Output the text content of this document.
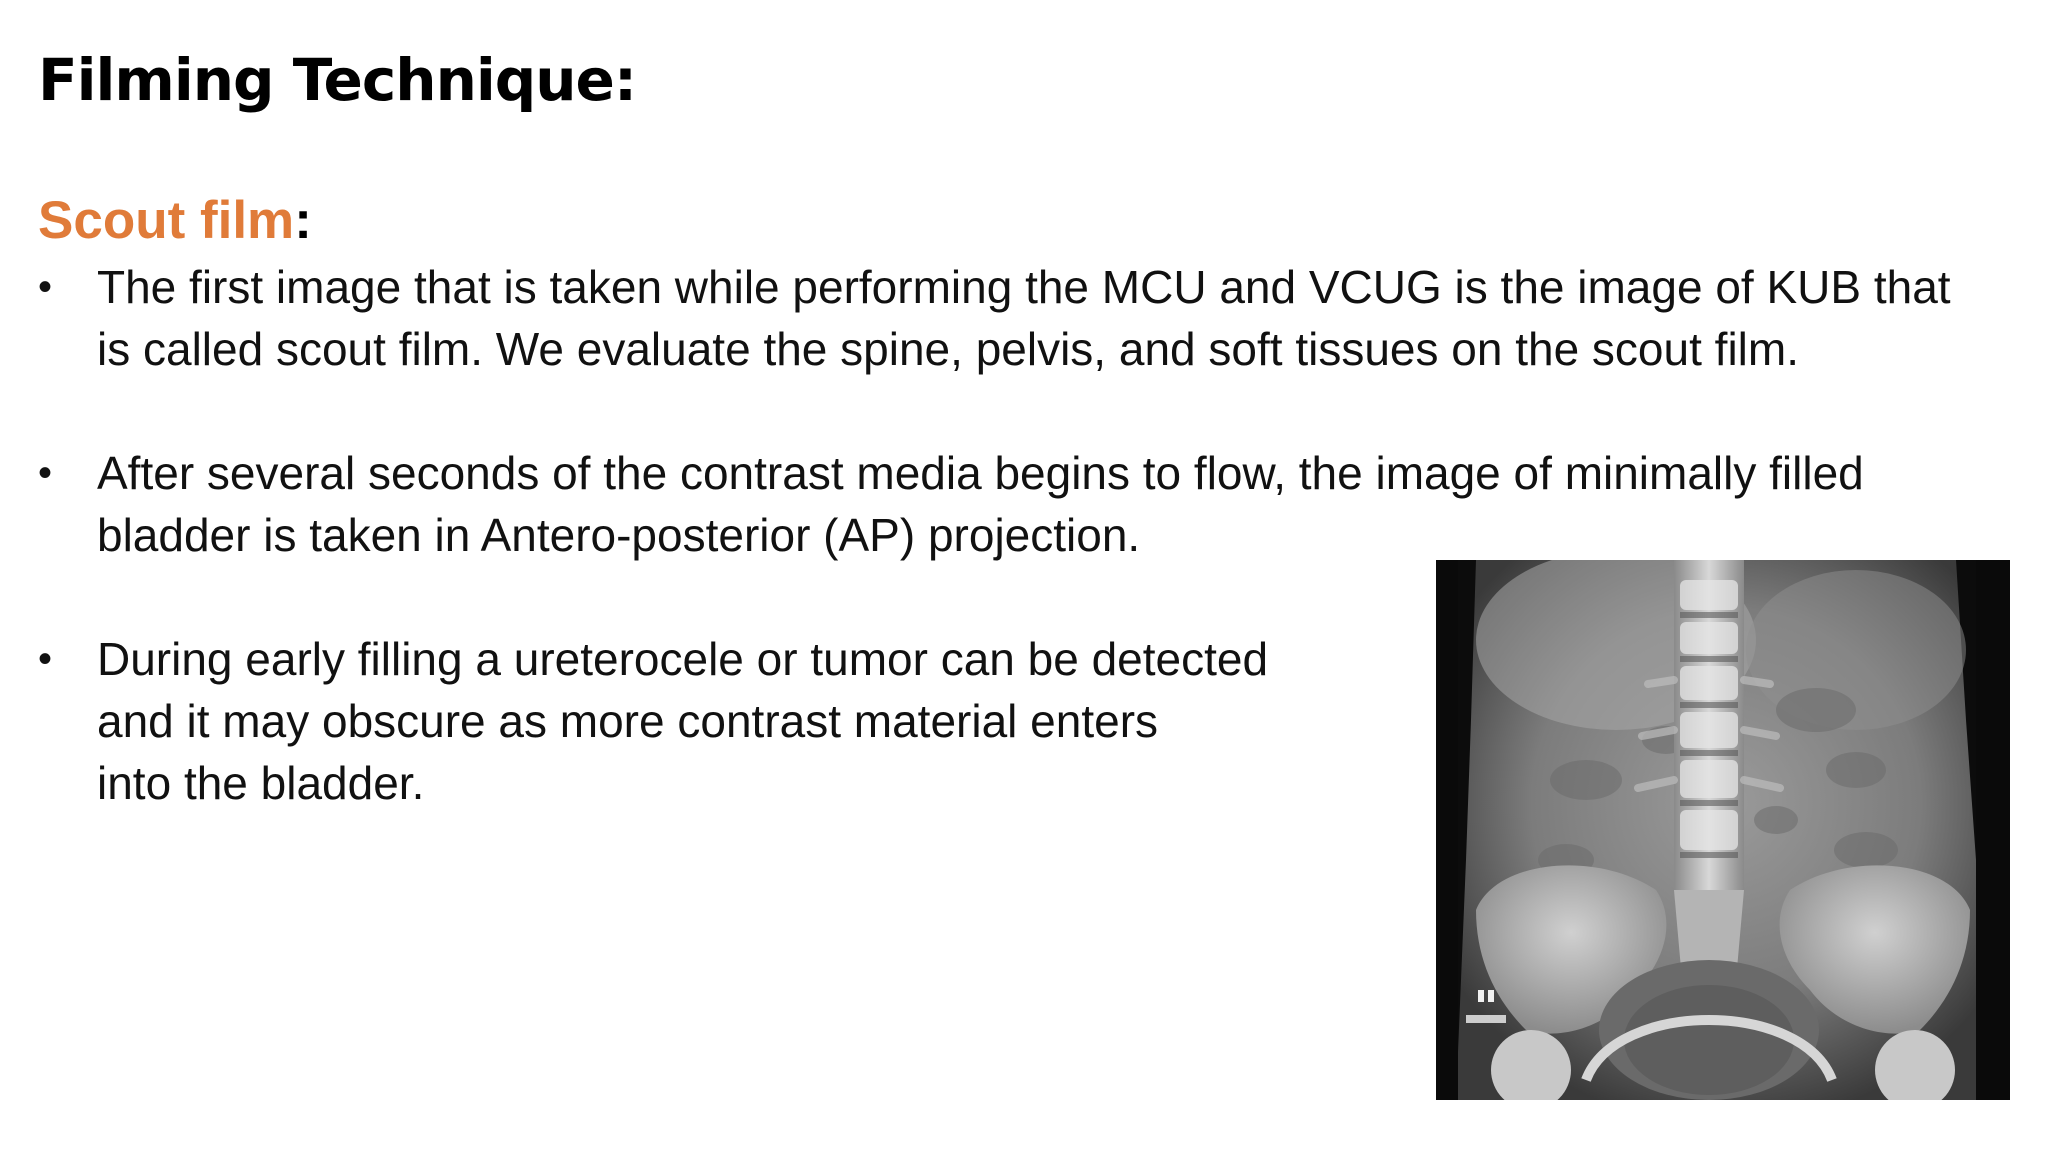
Filming Technique:
Scout film:
• The first image that is taken while performing the MCU and VCUG is the image of KUB that
is called scout film. We evaluate the spine, pelvis, and soft tissues on the scout film.
• After several seconds of the contrast media begins to flow, the image of minimally filled
bladder is taken in Antero-posterior (AP) projection.
• During early filling a ureterocele or tumor can be detected
and it may obscure as more contrast material enters
into the bladder.
